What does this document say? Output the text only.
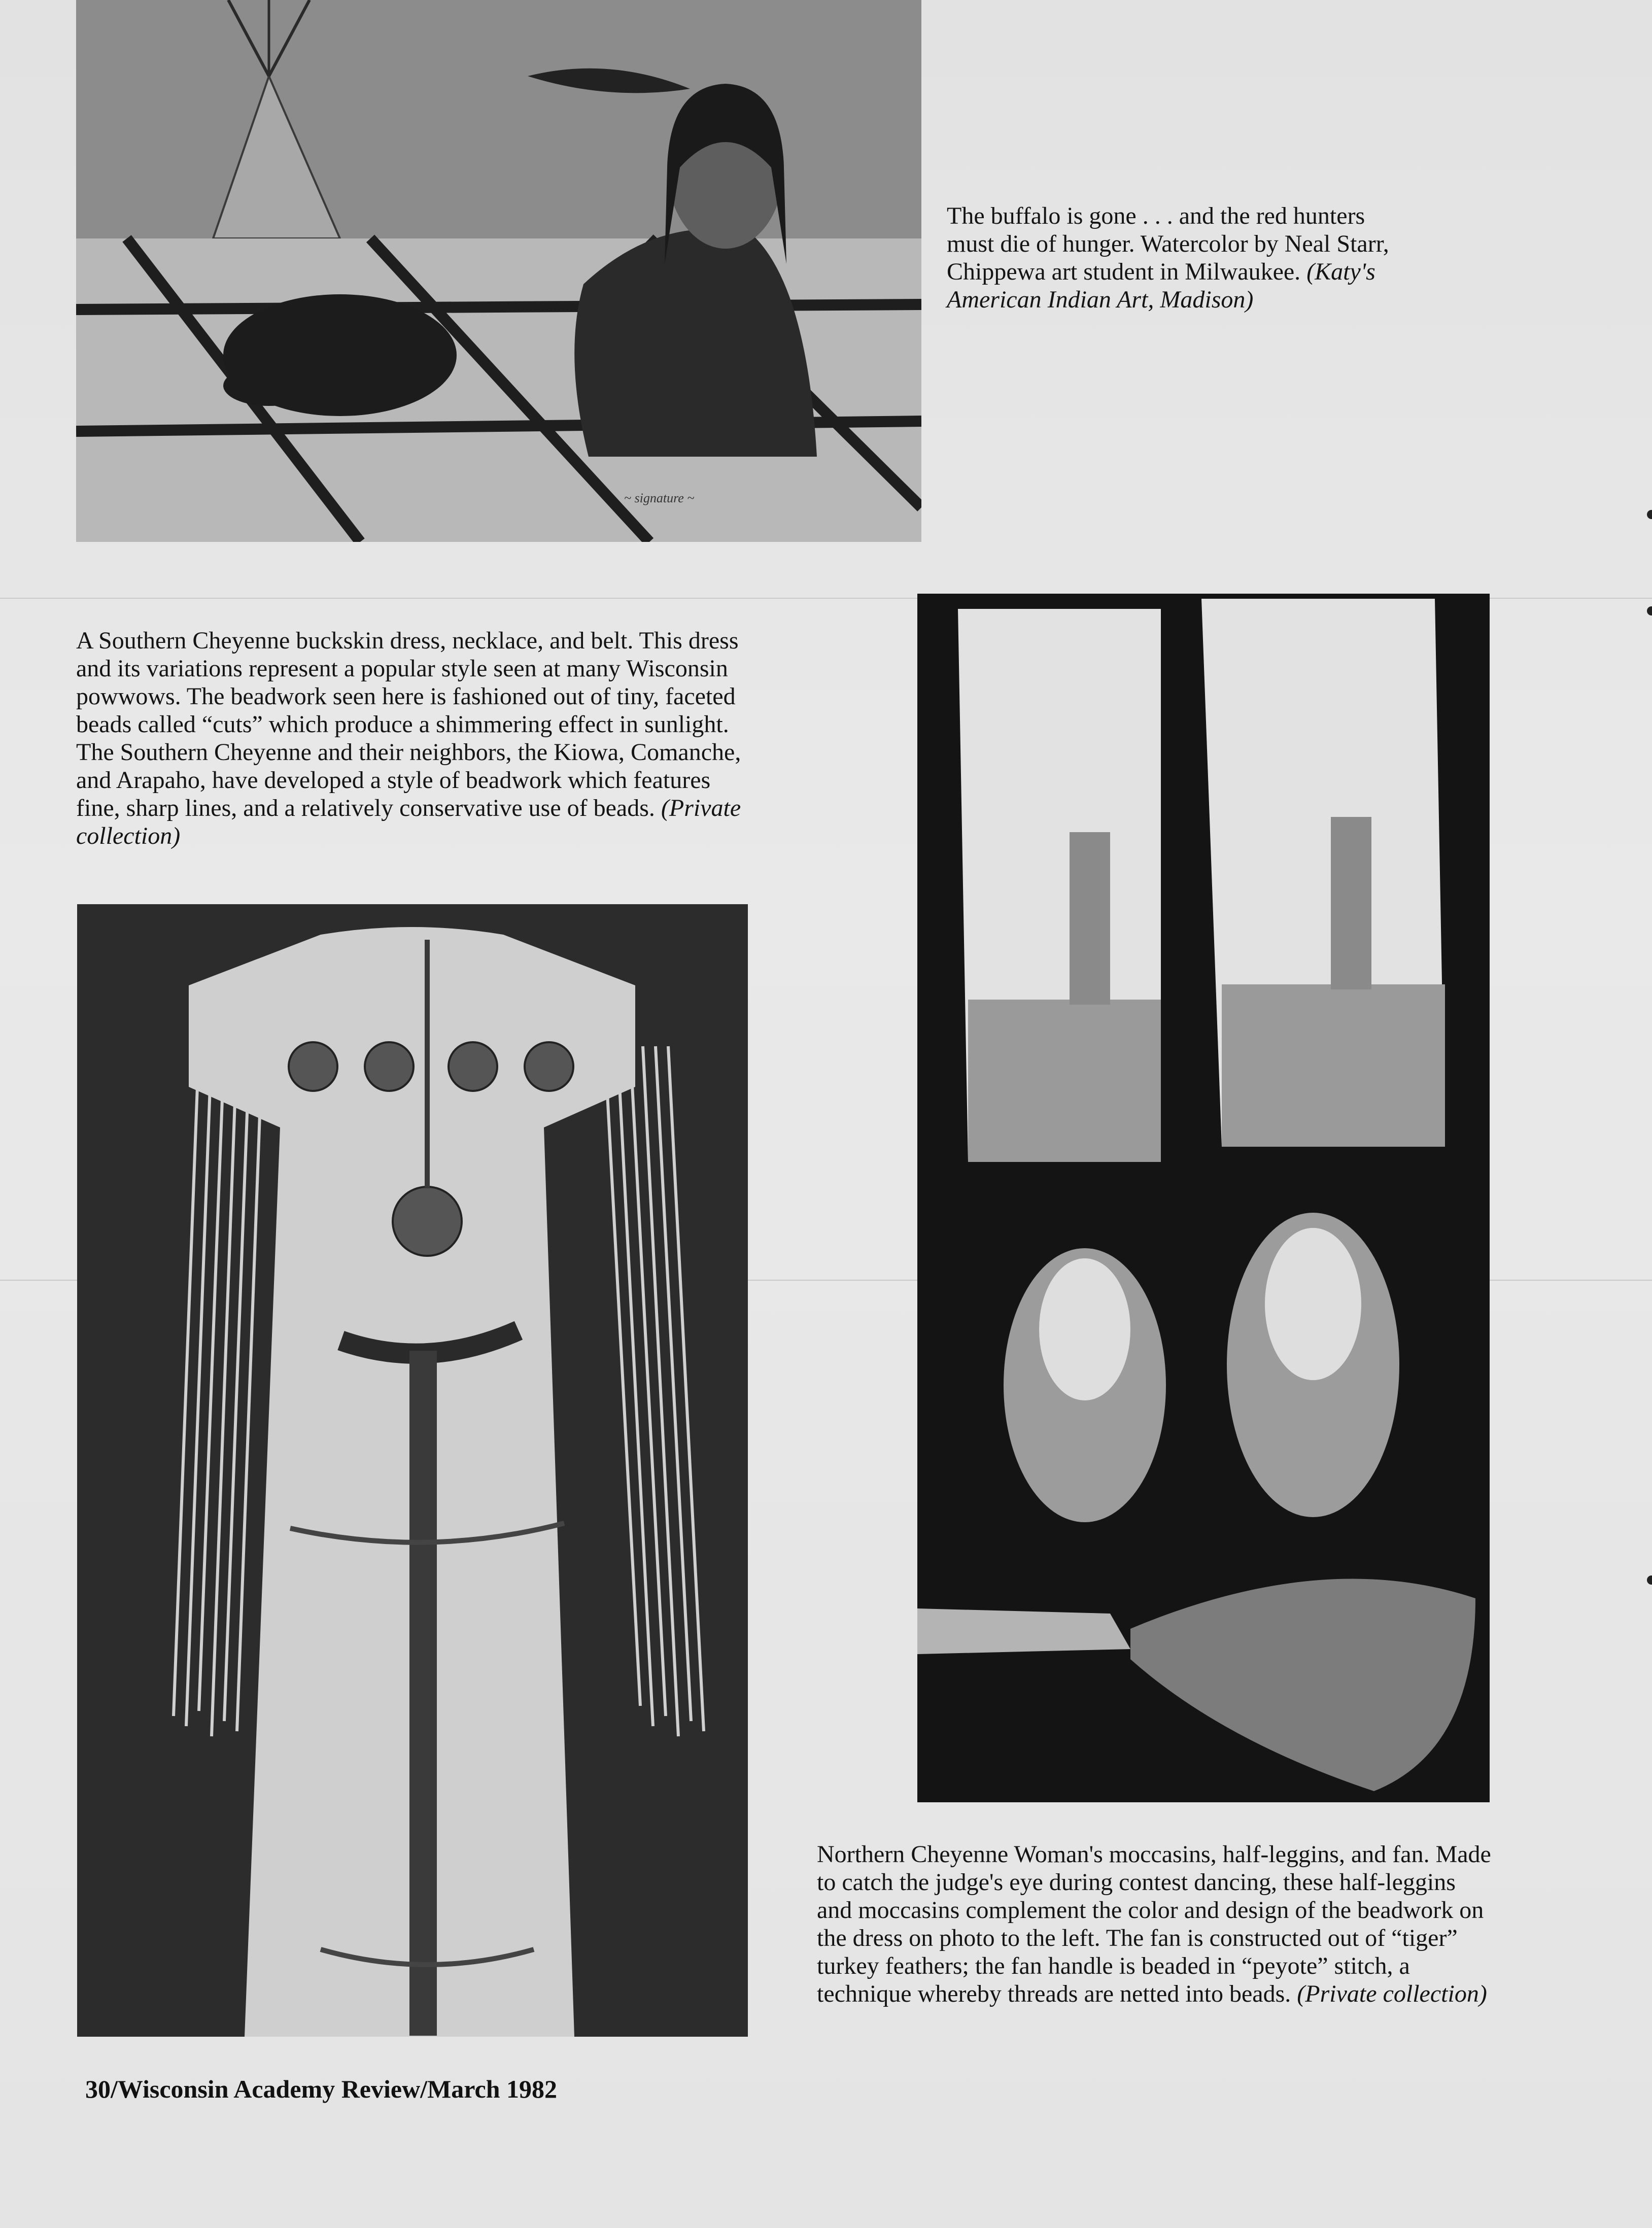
~ signature ~

The buffalo is gone . . . and the red hunters must die of hunger. Watercolor by Neal Starr, Chippewa art student in Milwaukee. (Katy's American Indian Art, Madison)

A Southern Cheyenne buckskin dress, necklace, and belt. This dress and its variations represent a popular style seen at many Wisconsin powwows. The beadwork seen here is fashioned out of tiny, faceted beads called “cuts” which produce a shimmering effect in sunlight. The Southern Cheyenne and their neighbors, the Kiowa, Comanche, and Arapaho, have developed a style of beadwork which features fine, sharp lines, and a relatively conservative use of beads. (Private collection)

Northern Cheyenne Woman's moccasins, half-leggins, and fan. Made to catch the judge's eye during contest dancing, these half-leggins and moccasins complement the color and design of the beadwork on the dress on photo to the left. The fan is constructed out of “tiger” turkey feathers; the fan handle is beaded in “peyote” stitch, a technique whereby threads are netted into beads. (Private collection)

30/Wisconsin Academy Review/March 1982
